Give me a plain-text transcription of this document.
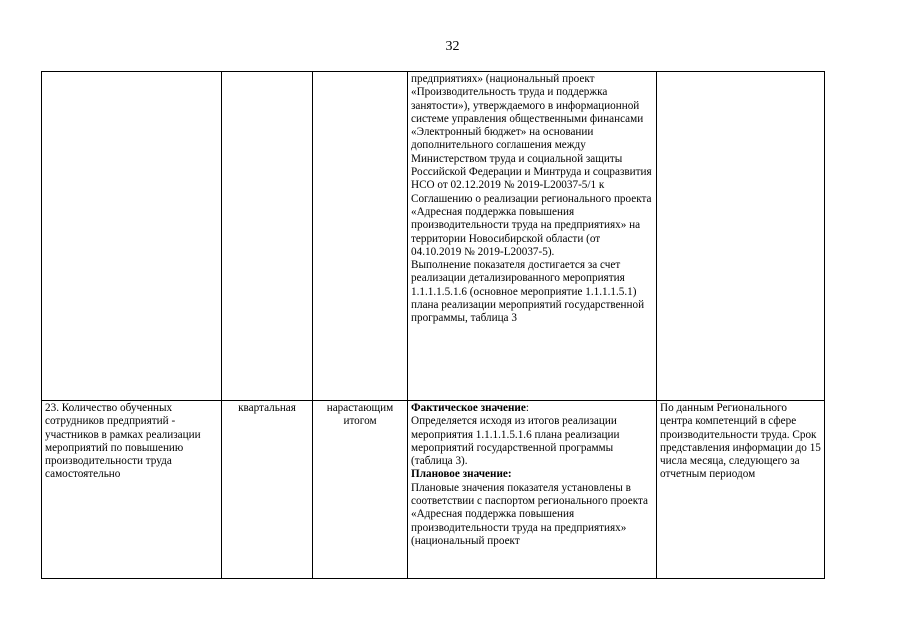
32

			предприятиях» (национальный проект «Производительность труда и поддержка занятости»), утверждаемого в информационной системе управления общественными финансами «Электронный бюджет» на основании дополнительного соглашения между Министерством труда и социальной защиты Российской Федерации и Минтруда и соцразвития НСО от 02.12.2019 № 2019-L20037-5/1 к Соглашению о реализации регионального проекта «Адресная поддержка повышения производительности труда на предприятиях» на территории Новосибирской области (от 04.10.2019 № 2019-L20037-5).
Выполнение показателя достигается за счет реализации детализированного мероприятия 1.1.1.1.5.1.6 (основное мероприятие 1.1.1.1.5.1) плана реализации мероприятий государственной программы, таблица 3	

23. Количество обученных сотрудников предприятий - участников в рамках реализации мероприятий по повышению производительности труда самостоятельно	квартальная	нарастающим итогом	Фактическое значение:
Определяется исходя из итогов реализации мероприятия 1.1.1.1.5.1.6 плана реализации мероприятий государственной программы (таблица 3).
Плановое значение:
Плановые значения показателя установлены в соответствии с паспортом регионального проекта «Адресная поддержка повышения производительности труда на предприятиях» (национальный проект	По данным Регионального центра компетенций в сфере производительности труда. Срок представления информации до 15 числа месяца, следующего за отчетным периодом
